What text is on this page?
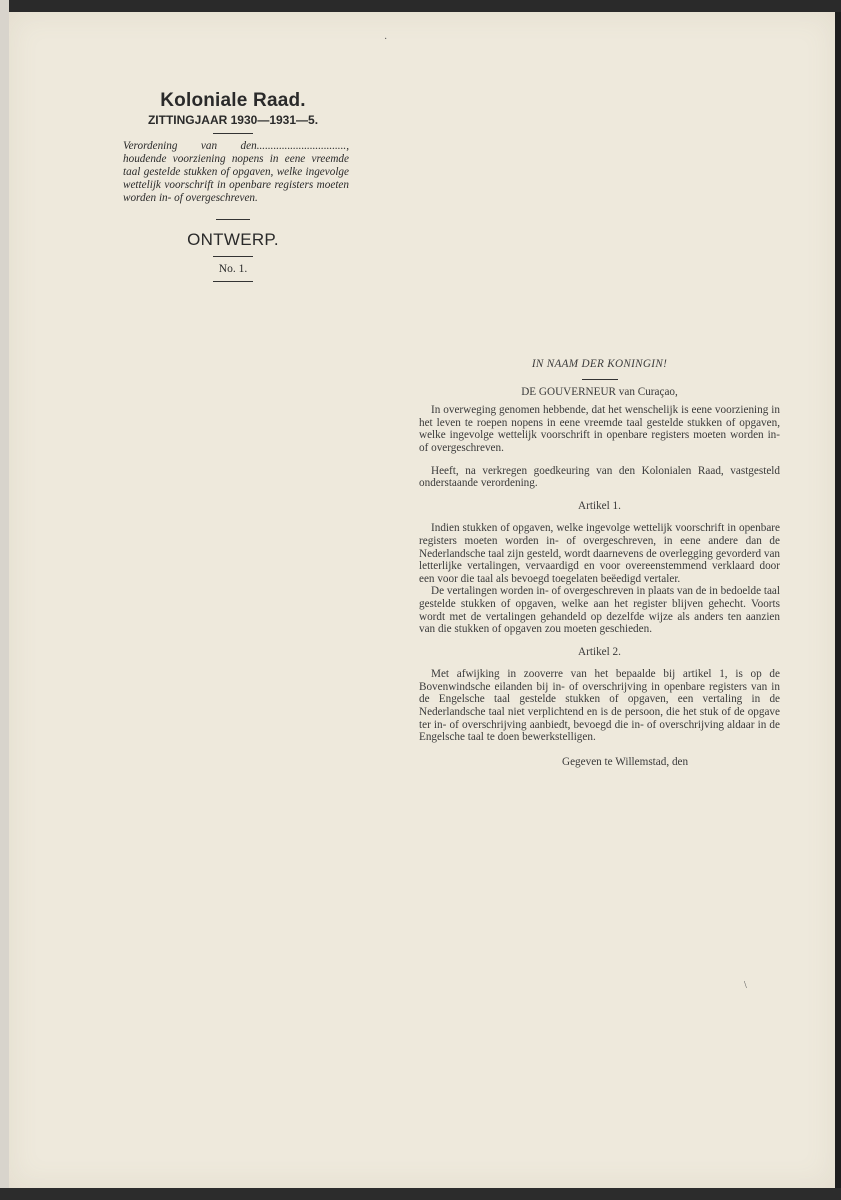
·
\
Koloniale Raad.

ZITTINGJAAR 1930—1931—5.

Verordening van den................................, houdende voorziening nopens in eene vreemde taal gestelde stukken of opgaven, welke ingevolge wettelijk voorschrift in openbare registers moeten worden in- of overgeschreven.

ONTWERP.

No. 1.

IN NAAM DER KONINGIN!

DE GOUVERNEUR van Curaçao,

In overweging genomen hebbende, dat het wenschelijk is eene voorziening in het leven te roepen nopens in eene vreemde taal gestelde stukken of opgaven, welke ingevolge wettelijk voorschrift in openbare registers moeten worden in- of overgeschreven.

Heeft, na verkregen goedkeuring van den Kolonialen Raad, vastgesteld onderstaande verordening.

Artikel 1.

Indien stukken of opgaven, welke ingevolge wettelijk voorschrift in openbare registers moeten worden in- of overgeschreven, in eene andere dan de Nederlandsche taal zijn gesteld, wordt daarnevens de overlegging gevorderd van letterlijke vertalingen, vervaardigd en voor overeenstemmend verklaard door een voor die taal als bevoegd toegelaten beëedigd vertaler.

De vertalingen worden in- of overgeschreven in plaats van de in bedoelde taal gestelde stukken of opgaven, welke aan het register blijven gehecht. Voorts wordt met de vertalingen gehandeld op dezelfde wijze als anders ten aanzien van die stukken of opgaven zou moeten geschieden.

Artikel 2.

Met afwijking in zooverre van het bepaalde bij artikel 1, is op de Bovenwindsche eilanden bij in- of overschrijving in openbare registers van in de Engelsche taal gestelde stukken of opgaven, een vertaling in de Nederlandsche taal niet verplichtend en is de persoon, die het stuk of de opgave ter in- of overschrijving aanbiedt, bevoegd die in- of overschrijving aldaar in de Engelsche taal te doen bewerkstelligen.

Gegeven te Willemstad, den
